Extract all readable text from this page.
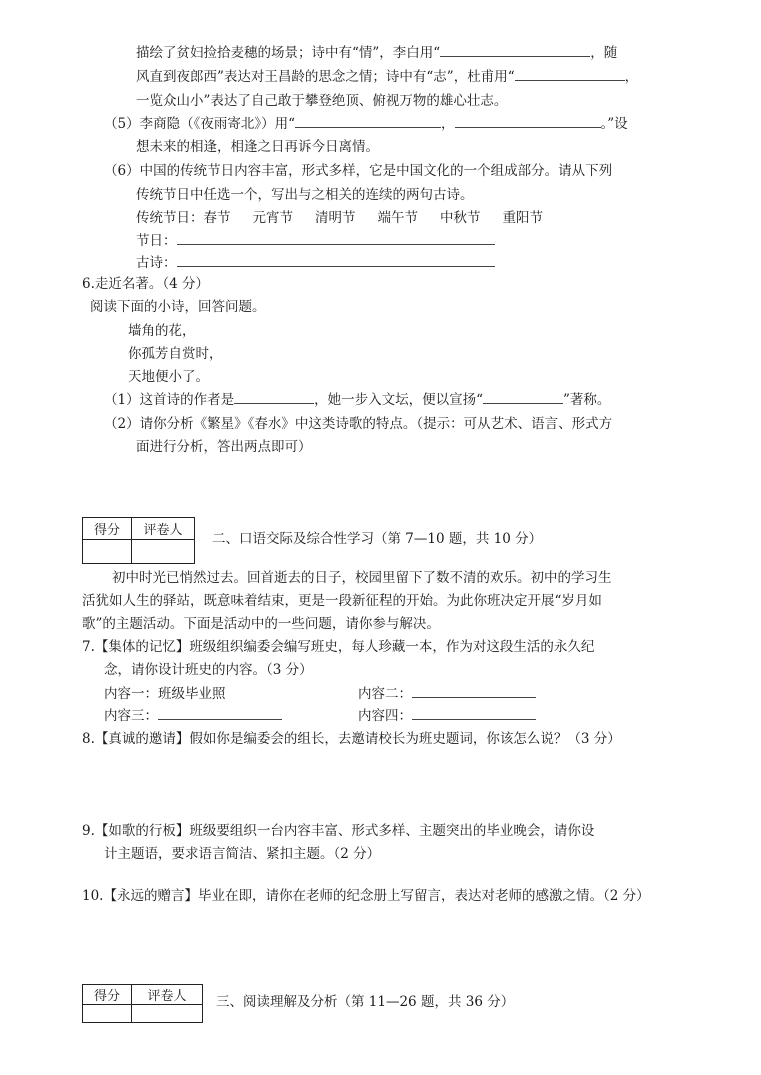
描绘了贫妇捡拾麦穗的场景；诗中有“情”，李白用“	，随
风直到夜郎西”表达对王昌龄的思念之情；诗中有“志”，杜甫用“	，
一览众山小”表达了自己敢于攀登绝顶、俯视万物的雄心壮志。
（5）李商隐（《夜雨寄北》）用“	，	。”设
想未来的相逢，相逢之日再诉今日离情。
（6）中国的传统节日内容丰富，形式多样，它是中国文化的一个组成部分。请从下列
传统节日中任选一个，写出与之相关的连续的两句古诗。
传统节日：春节 元宵节 清明节 端午节 中秋节 重阳节
节日：
古诗：
6.走近名著。（4 分）
阅读下面的小诗，回答问题。
墙角的花，
你孤芳自赏时，
天地便小了。
（1）这首诗的作者是	，她一步入文坛，便以宣扬“	”著称。
（2）请你分析《繁星》《春水》中这类诗歌的特点。（提示：可从艺术、语言、形式方
面进行分析，答出两点即可）
得分	评卷人

二、口语交际及综合性学习（第 7—10 题，共 10 分）
初中时光已悄然过去。回首逝去的日子，校园里留下了数不清的欢乐。初中的学习生
活犹如人生的驿站，既意味着结束，更是一段新征程的开始。为此你班决定开展“岁月如
歌”的主题活动。下面是活动中的一些问题，请你参与解决。
7.【集体的记忆】班级组织编委会编写班史，每人珍藏一本，作为对这段生活的永久纪
念，请你设计班史的内容。（3 分）
内容一：班级毕业照	内容二：
内容三：	内容四：
8.【真诚的邀请】假如你是编委会的组长，去邀请校长为班史题词，你该怎么说？（3 分）
9.【如歌的行板】班级要组织一台内容丰富、形式多样、主题突出的毕业晚会，请你设
计主题语，要求语言简洁、紧扣主题。（2 分）
10.【永远的赠言】毕业在即，请你在老师的纪念册上写留言，表达对老师的感激之情。（2 分）
得分	评卷人
	三、阅读理解及分析（第 11—26 题，共 36 分）
